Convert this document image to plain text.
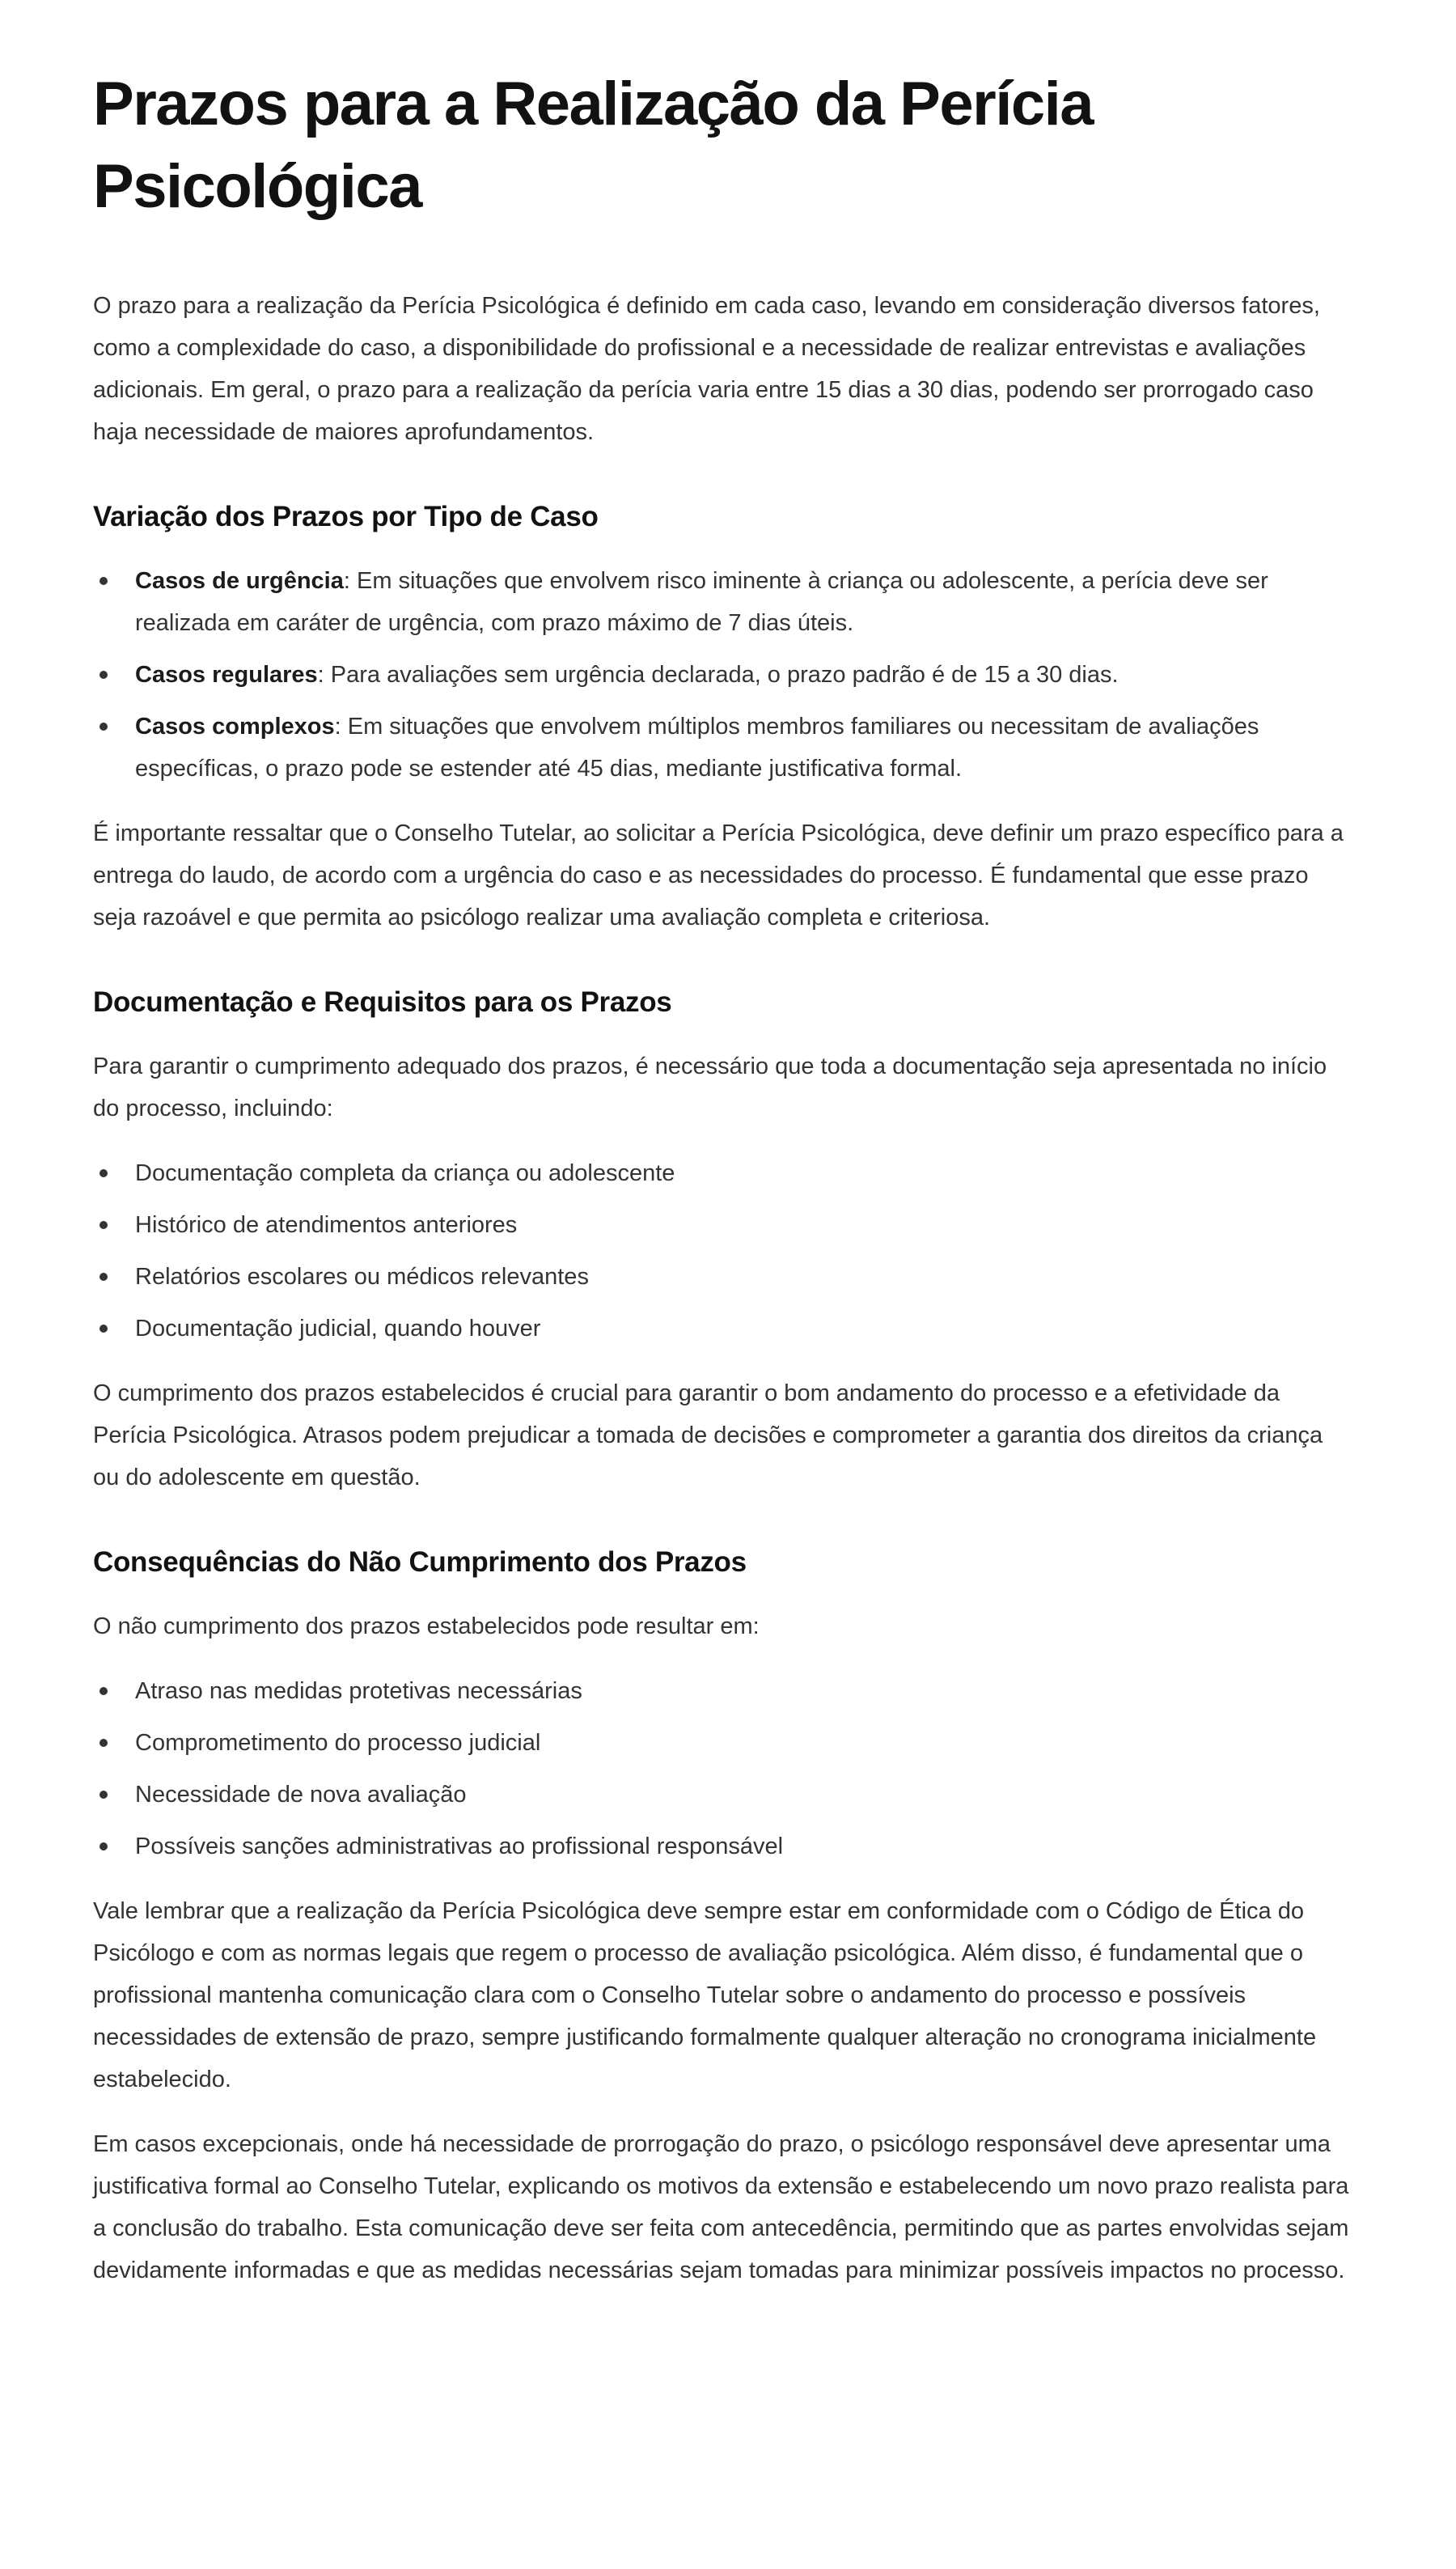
Prazos para a Realização da Perícia Psicológica

O prazo para a realização da Perícia Psicológica é definido em cada caso, levando em consideração diversos fatores, como a complexidade do caso, a disponibilidade do profissional e a necessidade de realizar entrevistas e avaliações adicionais. Em geral, o prazo para a realização da perícia varia entre 15 dias a 30 dias, podendo ser prorrogado caso haja necessidade de maiores aprofundamentos.

Variação dos Prazos por Tipo de Caso
Casos de urgência: Em situações que envolvem risco iminente à criança ou adolescente, a perícia deve ser realizada em caráter de urgência, com prazo máximo de 7 dias úteis.
Casos regulares: Para avaliações sem urgência declarada, o prazo padrão é de 15 a 30 dias.
Casos complexos: Em situações que envolvem múltiplos membros familiares ou necessitam de avaliações específicas, o prazo pode se estender até 45 dias, mediante justificativa formal.

É importante ressaltar que o Conselho Tutelar, ao solicitar a Perícia Psicológica, deve definir um prazo específico para a entrega do laudo, de acordo com a urgência do caso e as necessidades do processo. É fundamental que esse prazo seja razoável e que permita ao psicólogo realizar uma avaliação completa e criteriosa.

Documentação e Requisitos para os Prazos

Para garantir o cumprimento adequado dos prazos, é necessário que toda a documentação seja apresentada no início do processo, incluindo:

Documentação completa da criança ou adolescente
Histórico de atendimentos anteriores
Relatórios escolares ou médicos relevantes
Documentação judicial, quando houver

O cumprimento dos prazos estabelecidos é crucial para garantir o bom andamento do processo e a efetividade da Perícia Psicológica. Atrasos podem prejudicar a tomada de decisões e comprometer a garantia dos direitos da criança ou do adolescente em questão.

Consequências do Não Cumprimento dos Prazos

O não cumprimento dos prazos estabelecidos pode resultar em:

Atraso nas medidas protetivas necessárias
Comprometimento do processo judicial
Necessidade de nova avaliação
Possíveis sanções administrativas ao profissional responsável

Vale lembrar que a realização da Perícia Psicológica deve sempre estar em conformidade com o Código de Ética do Psicólogo e com as normas legais que regem o processo de avaliação psicológica. Além disso, é fundamental que o profissional mantenha comunicação clara com o Conselho Tutelar sobre o andamento do processo e possíveis necessidades de extensão de prazo, sempre justificando formalmente qualquer alteração no cronograma inicialmente estabelecido.

Em casos excepcionais, onde há necessidade de prorrogação do prazo, o psicólogo responsável deve apresentar uma justificativa formal ao Conselho Tutelar, explicando os motivos da extensão e estabelecendo um novo prazo realista para a conclusão do trabalho. Esta comunicação deve ser feita com antecedência, permitindo que as partes envolvidas sejam devidamente informadas e que as medidas necessárias sejam tomadas para minimizar possíveis impactos no processo.
